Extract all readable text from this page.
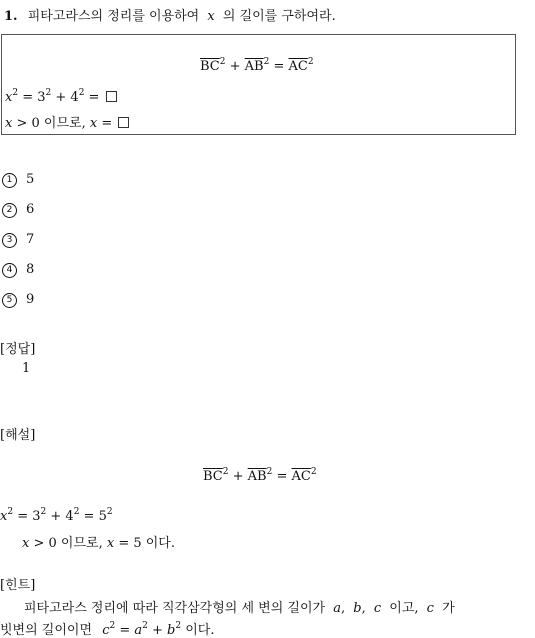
1. 피타고라스의 정리를 이용하여 x 의 길이를 구하여라.
$\overline{BC}^2 + \overline{AB}^2 = \overline{AC}^2$
$x^2 = 3^2 + 4^2$ =
x > 0 이므로, x =
1 5
2 6
3 7
4 8
5 9
[정답]
1
[해설]
$\overline{BC}^2 + \overline{AB}^2 = \overline{AC}^2$
$x^2 = 3^2 + 4^2 = 5^2$
x > 0 이므로, x = 5 이다.
[힌트]
피타고라스 정리에 따라 직각삼각형의 세 변의 길이가 a, b, c 이고, c 가
빗변의 길이이면 $c^2 = a^2 + b^2$ 이다.
